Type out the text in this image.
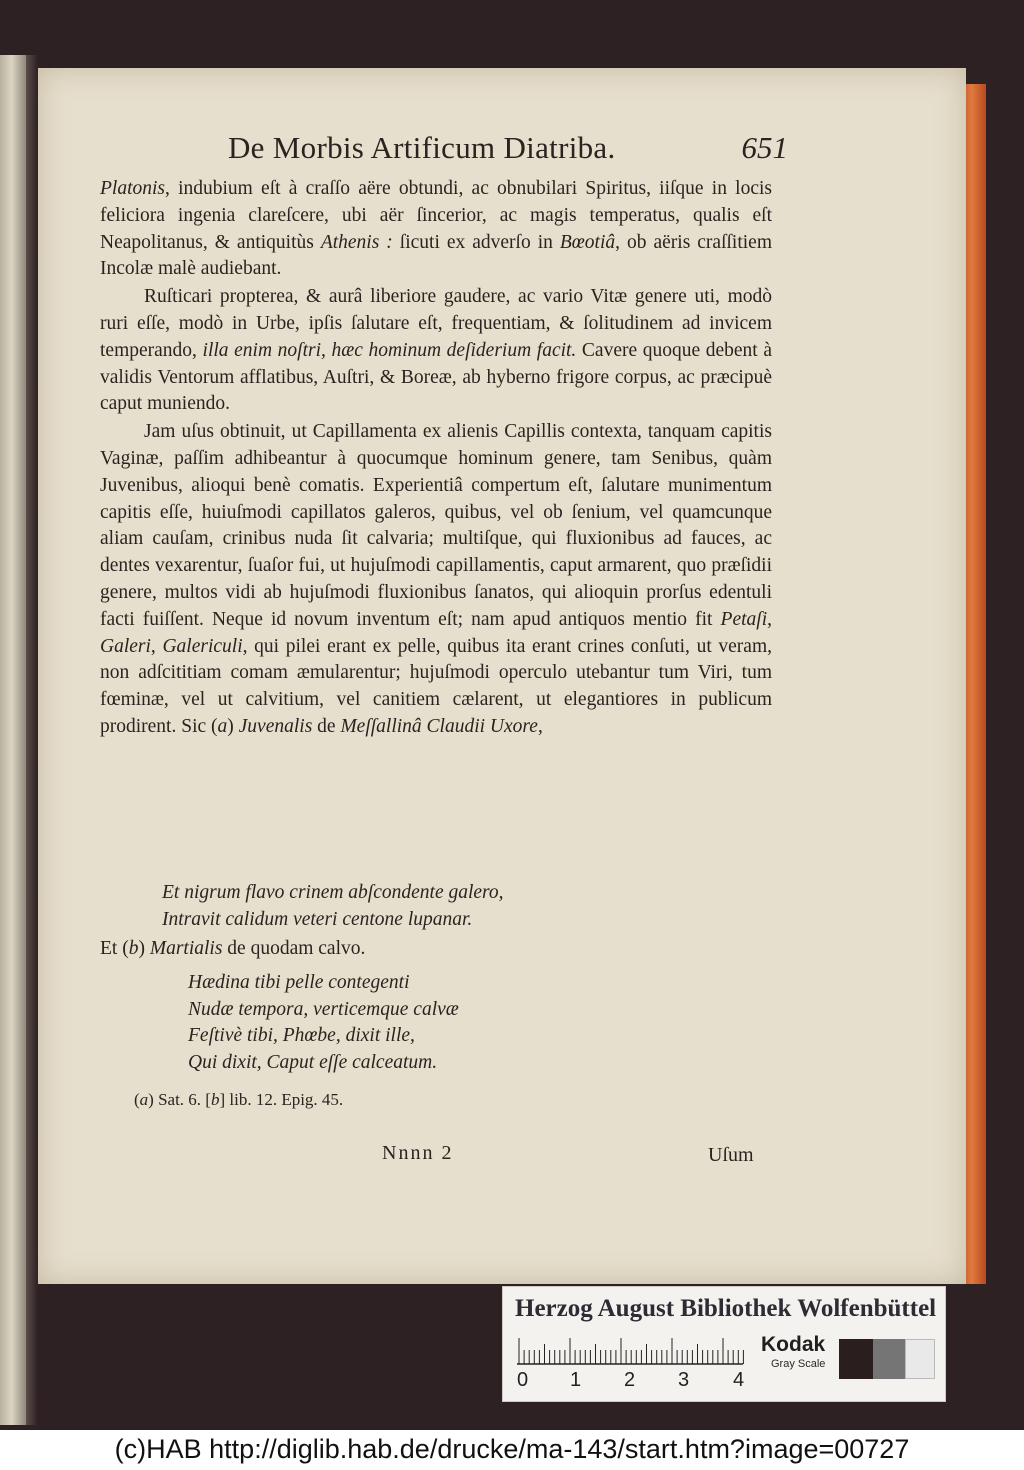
De Morbis Artificum Diatriba.	651

Platonis, indubium eſt à craſſo aëre obtundi, ac obnubilari Spiritus, iiſque in locis feliciora ingenia clareſcere, ubi aër ſincerior, ac magis temperatus, qualis eſt Neapolitanus, & antiquitùs Athenis : ſicuti ex adverſo in Bœotiâ, ob aëris craſſitiem Incolæ malè audiebant.

Ruſticari propterea, & aurâ liberiore gaudere, ac vario Vitæ genere uti, modò ruri eſſe, modò in Urbe, ipſis ſalutare eſt, frequentiam, & ſolitudinem ad invicem temperando, illa enim noſtri, hæc hominum deſiderium facit. Cavere quoque debent à validis Ventorum afflatibus, Auſtri, & Boreæ, ab hyberno frigore corpus, ac præcipuè caput muniendo.

Jam uſus obtinuit, ut Capillamenta ex alienis Capillis contexta, tanquam capitis Vaginæ, paſſim adhibeantur à quocumque hominum genere, tam Senibus, quàm Juvenibus, alioqui benè comatis. Experientiâ compertum eſt, ſalutare munimentum capitis eſſe, huiuſmodi capillatos galeros, quibus, vel ob ſenium, vel quamcunque aliam cauſam, crinibus nuda ſit calvaria; multiſque, qui fluxionibus ad fauces, ac dentes vexarentur, ſuaſor fui, ut hujuſmodi capillamentis, caput armarent, quo præſidii genere, multos vidi ab hujuſmodi fluxionibus ſanatos, qui alioquin prorſus edentuli facti fuiſſent. Neque id novum inventum eſt; nam apud antiquos mentio fit Petaſi, Galeri, Galericuli, qui pilei erant ex pelle, quibus ita erant crines conſuti, ut veram, non adſcititiam comam æmularentur; hujuſmodi operculo utebantur tum Viri, tum fœminæ, vel ut calvitium, vel canitiem cælarent, ut elegantiores in publicum prodirent. Sic (a) Juvenalis de Meſſallinâ Claudii Uxore,

Et nigrum flavo crinem abſcondente galero,
Intravit calidum veteri centone lupanar.
Et (b) Martialis de quodam calvo.
Hædina tibi pelle contegenti
Nudæ tempora, verticemque calvæ
Feſtivè tibi, Phœbe, dixit ille,
Qui dixit, Caput eſſe calceatum.
(a) Sat. 6. [b] lib. 12. Epig. 45.
Nnnn 2	Uſum
Herzog August Bibliothek Wolfenbüttel
0 1 2 3 4
Kodak
Gray Scale
(c)HAB http://diglib.hab.de/drucke/ma-143/start.htm?image=00727
